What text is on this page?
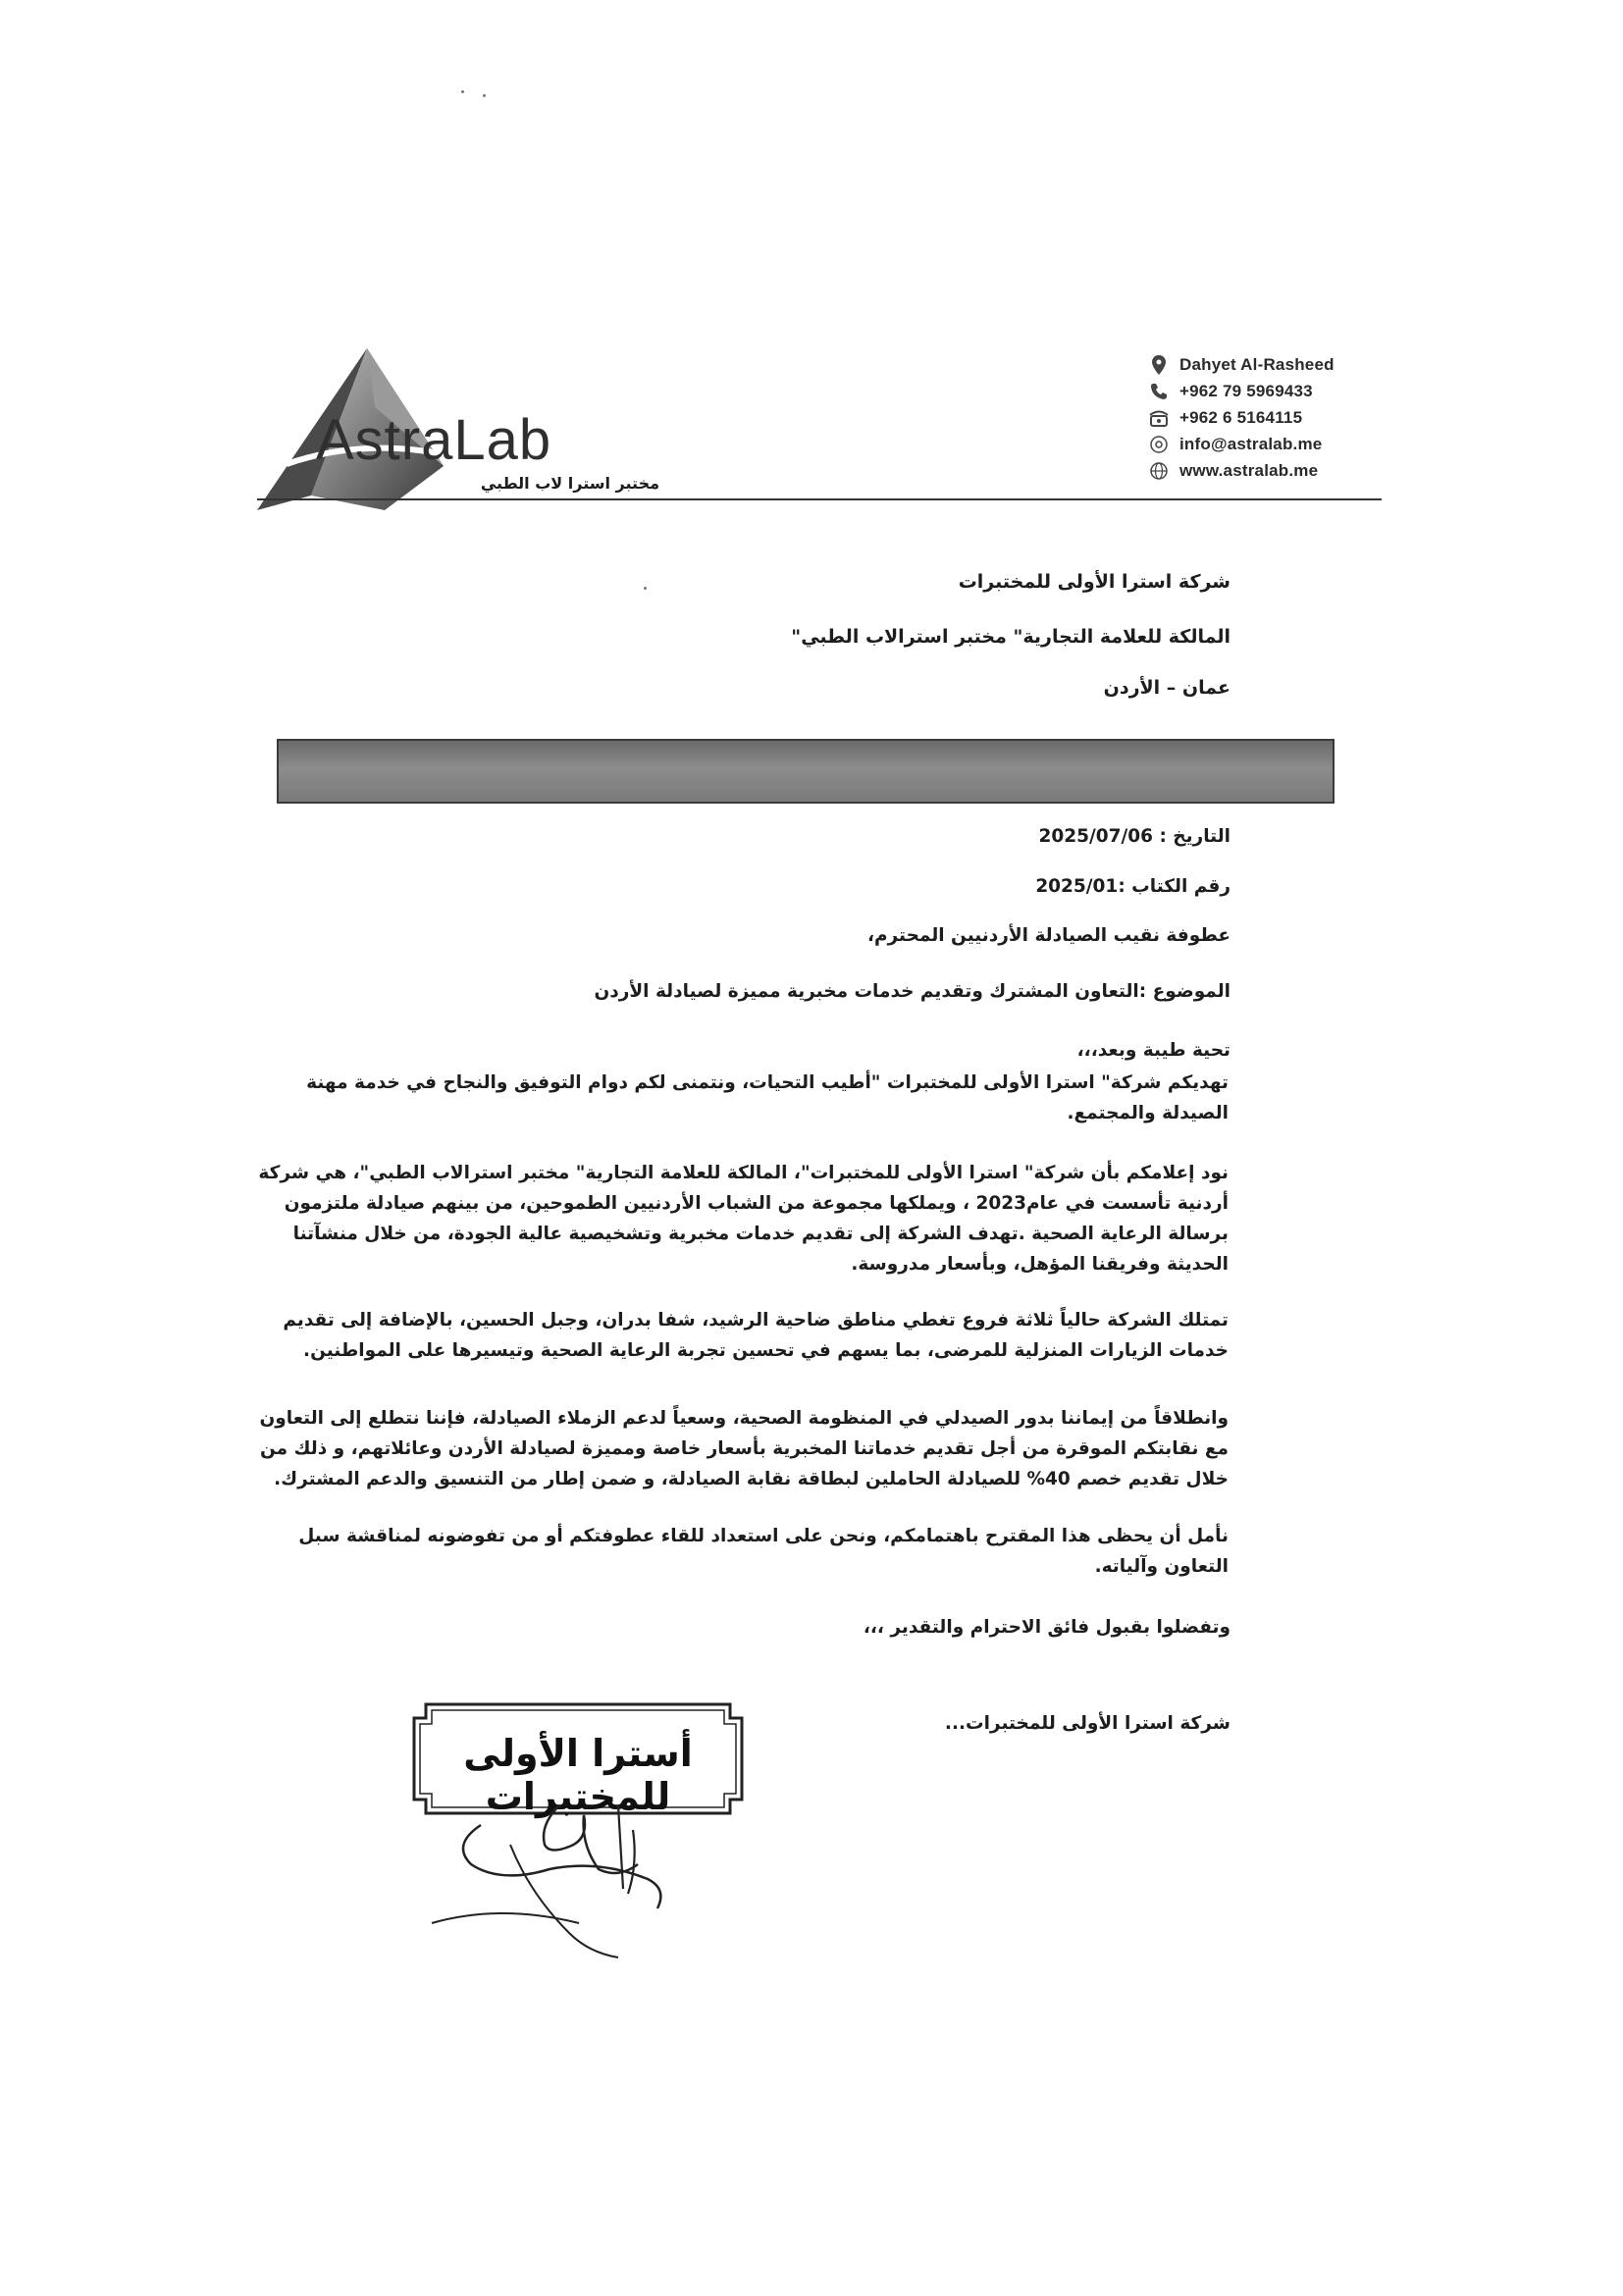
AstraLab
مختبر استرا لاب الطبي
Dahyet Al-Rasheed
+962 79 5969433
+962 6 5164115
info@astralab.me
www.astralab.me
شركة استرا الأولى للمختبرات
المالكة للعلامة التجارية" مختبر استرالاب الطبي"
عمان – الأردن
التاريخ : 2025/07/06
رقم الكتاب :2025/01
عطوفة نقيب الصيادلة الأردنيين المحترم،
الموضوع :التعاون المشترك وتقديم خدمات مخبرية مميزة لصيادلة الأردن
تحية طيبة وبعد،،،
تهديكم شركة" استرا الأولى للمختبرات "أطيب التحيات، ونتمنى لكم دوام التوفيق والنجاح في خدمة مهنة الصيدلة والمجتمع.
نود إعلامكم بأن شركة" استرا الأولى للمختبرات"، المالكة للعلامة التجارية" مختبر استرالاب الطبي"، هي شركة أردنية تأسست في عام2023 ، ويملكها مجموعة من الشباب الأردنيين الطموحين، من بينهم صيادلة ملتزمون برسالة الرعاية الصحية .تهدف الشركة إلى تقديم خدمات مخبرية وتشخيصية عالية الجودة، من خلال منشآتنا الحديثة وفريقنا المؤهل، وبأسعار مدروسة.
تمتلك الشركة حالياً ثلاثة فروع تغطي مناطق ضاحية الرشيد، شفا بدران، وجبل الحسين، بالإضافة إلى تقديم خدمات الزيارات المنزلية للمرضى، بما يسهم في تحسين تجربة الرعاية الصحية وتيسيرها على المواطنين.
وانطلاقاً من إيماننا بدور الصيدلي في المنظومة الصحية، وسعياً لدعم الزملاء الصيادلة، فإننا نتطلع إلى التعاون مع نقابتكم الموقرة من أجل تقديم خدماتنا المخبرية بأسعار خاصة ومميزة لصيادلة الأردن وعائلاتهم، و ذلك من خلال تقديم خصم 40% للصيادلة الحاملين لبطاقة نقابة الصيادلة، و ضمن إطار من التنسيق والدعم المشترك.
نأمل أن يحظى هذا المقترح باهتمامكم، ونحن على استعداد للقاء عطوفتكم أو من تفوضونه لمناقشة سبل التعاون وآلياته.
وتفضلوا بقبول فائق الاحترام والتقدير ،،،
شركة استرا الأولى للمختبرات...
أسترا الأولى للمختبرات
